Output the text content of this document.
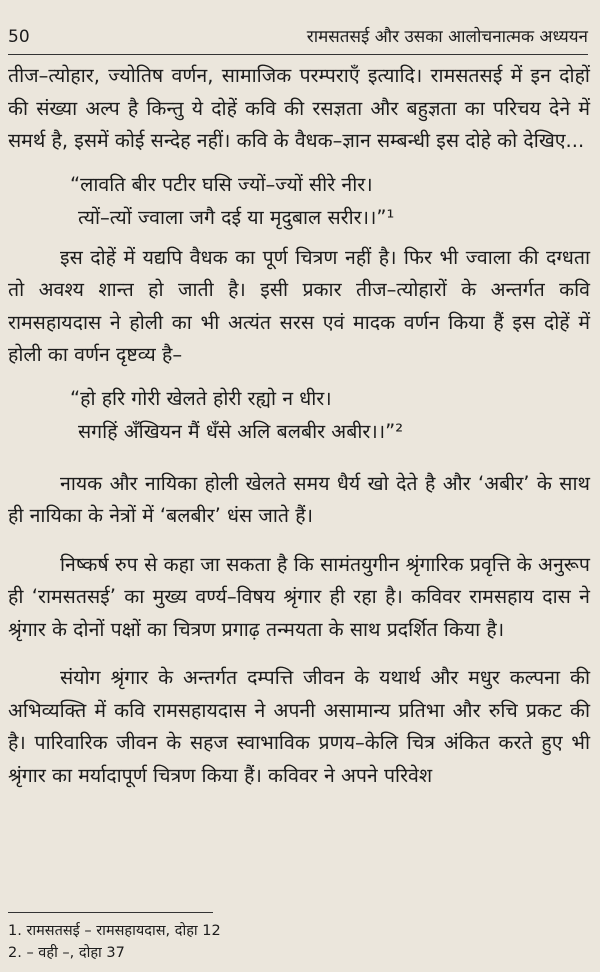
50	रामसतसई और उसका आलोचनात्मक अध्ययन

तीज–त्योहार, ज्योतिष वर्णन, सामाजिक परम्पराएँ इत्यादि। रामसतसई में इन दोहों की संख्या अल्प है किन्तु ये दोहें कवि की रसज्ञता और बहुज्ञता का परिचय देने में समर्थ है, इसमें कोई सन्देह नहीं। कवि के वैधक–ज्ञान सम्बन्धी इस दोहे को देखिए...

“लावति बीर पटीर घसि ज्यों–ज्यों सीरे नीर।
त्यों–त्यों ज्वाला जगै दई या मृदुबाल सरीर।।”¹

इस दोहें में यद्यपि वैधक का पूर्ण चित्रण नहीं है। फिर भी ज्वाला की दग्धता तो अवश्य शान्त हो जाती है। इसी प्रकार तीज–त्योहारों के अन्तर्गत कवि रामसहायदास ने होली का भी अत्यंत सरस एवं मादक वर्णन किया हैं इस दोहें में होली का वर्णन दृष्टव्य है–

“हो हरि गोरी खेलते होरी रह्यो न धीर।
सगहिं अँखियन मैं धँसे अलि बलबीर अबीर।।”²

नायक और नायिका होली खेलते समय धैर्य खो देते है और ‘अबीर’ के साथ ही नायिका के नेत्रों में ‘बलबीर’ धंस जाते हैं।

निष्कर्ष रुप से कहा जा सकता है कि सामंतयुगीन श्रृंगारिक प्रवृत्ति के अनुरूप ही ‘रामसतसई’ का मुख्य वर्ण्य–विषय श्रृंगार ही रहा है। कविवर रामसहाय दास ने श्रृंगार के दोनों पक्षों का चित्रण प्रगाढ़ तन्मयता के साथ प्रदर्शित किया है।

संयोग श्रृंगार के अन्तर्गत दम्पत्ति जीवन के यथार्थ और मधुर कल्पना की अभिव्यक्ति में कवि रामसहायदास ने अपनी असामान्य प्रतिभा और रुचि प्रकट की है। पारिवारिक जीवन के सहज स्वाभाविक प्रणय–केलि चित्र अंकित करते हुए भी श्रृंगार का मर्यादापूर्ण चित्रण किया हैं। कविवर ने अपने परिवेश

1. रामसतसई – रामसहायदास, दोहा 12
2. – वही –, दोहा 37
